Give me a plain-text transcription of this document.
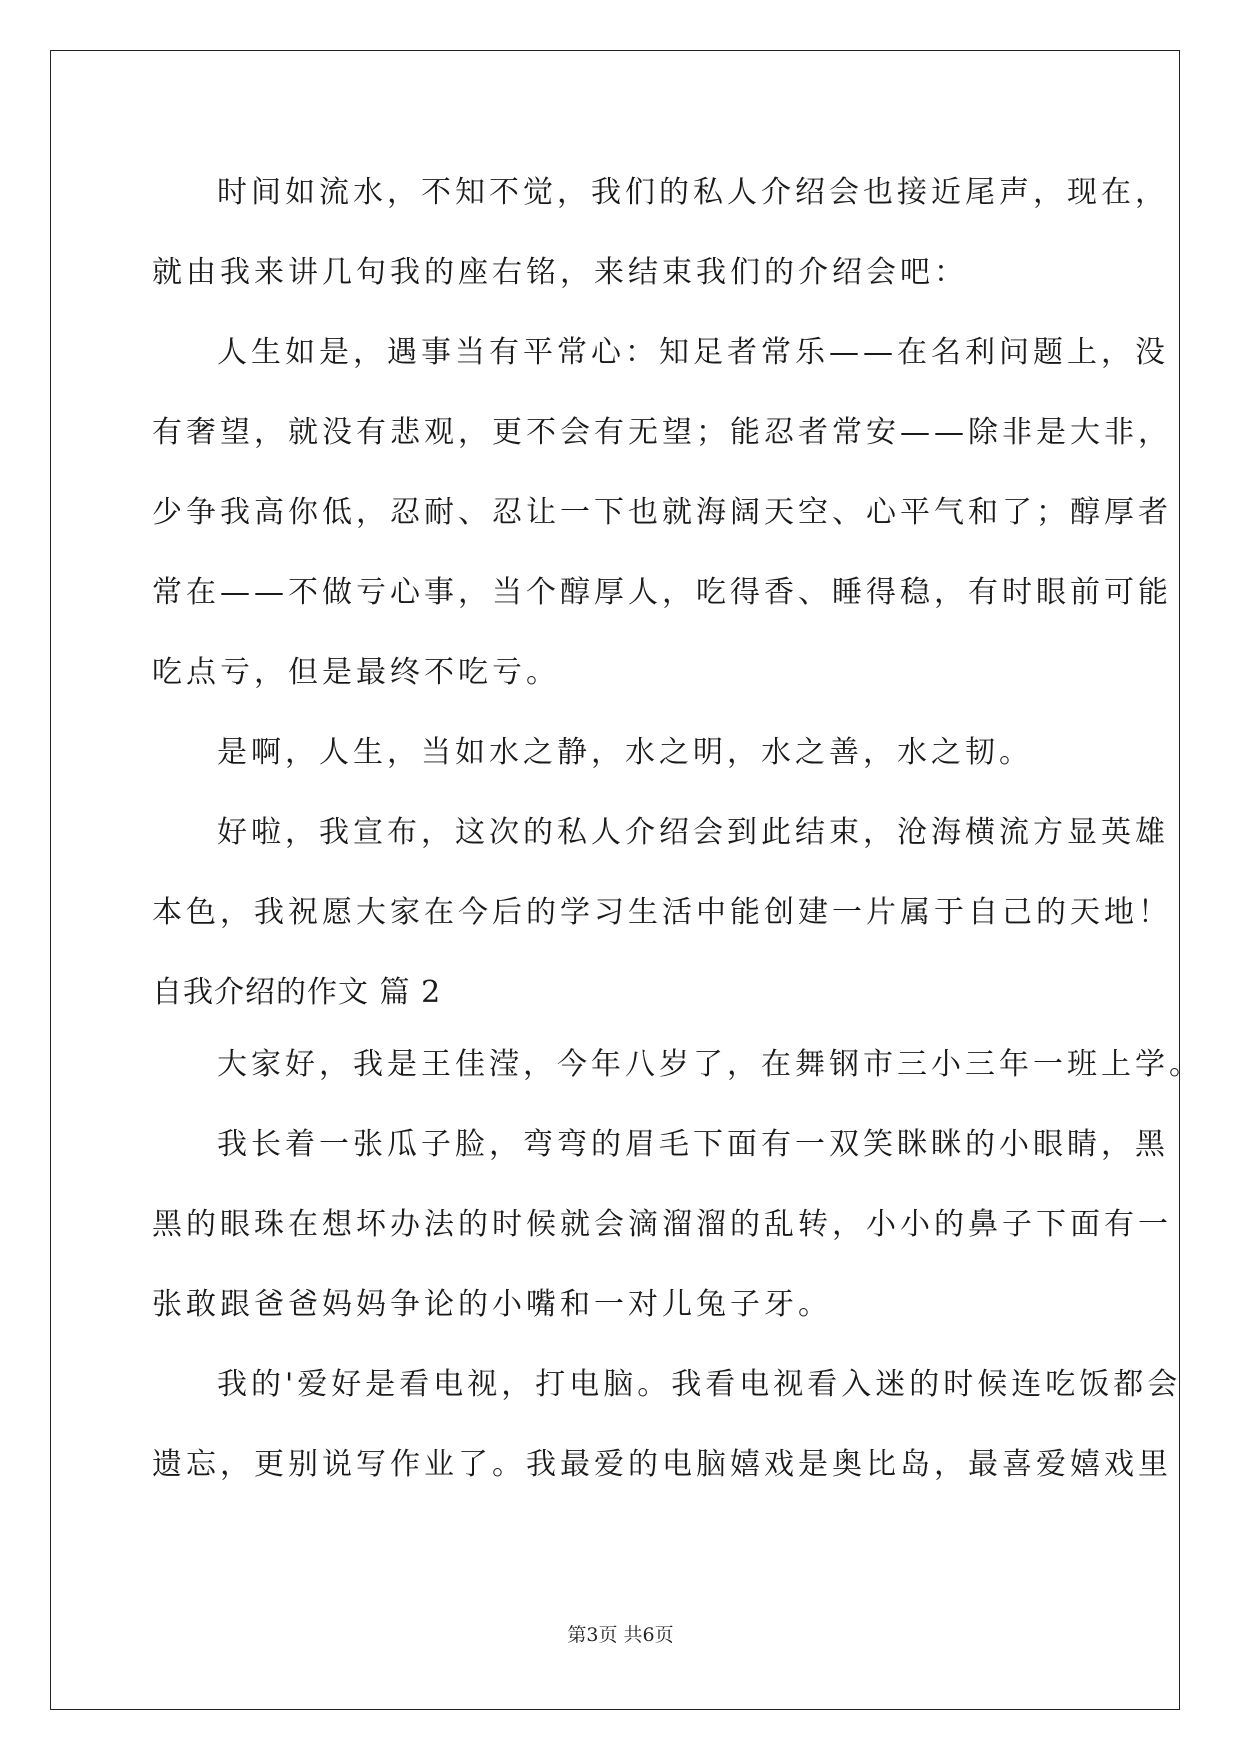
时间如流水，不知不觉，我们的私人介绍会也接近尾声，现在，
就由我来讲几句我的座右铭，来结束我们的介绍会吧：
人生如是，遇事当有平常心：知足者常乐——在名利问题上，没
有奢望，就没有悲观，更不会有无望；能忍者常安——除非是大非，
少争我高你低，忍耐、忍让一下也就海阔天空、心平气和了；醇厚者
常在——不做亏心事，当个醇厚人，吃得香、睡得稳，有时眼前可能
吃点亏，但是最终不吃亏。
是啊，人生，当如水之静，水之明，水之善，水之韧。
好啦，我宣布，这次的私人介绍会到此结束，沧海横流方显英雄
本色，我祝愿大家在今后的学习生活中能创建一片属于自己的天地！
自我介绍的作文 篇 2
大家好，我是王佳滢，今年八岁了，在舞钢市三小三年一班上学。
我长着一张瓜子脸，弯弯的眉毛下面有一双笑眯眯的小眼睛，黑
黑的眼珠在想坏办法的时候就会滴溜溜的乱转，小小的鼻子下面有一
张敢跟爸爸妈妈争论的小嘴和一对儿兔子牙。
我的'爱好是看电视，打电脑。我看电视看入迷的时候连吃饭都会
遗忘，更别说写作业了。我最爱的电脑嬉戏是奥比岛，最喜爱嬉戏里
第3页 共6页
